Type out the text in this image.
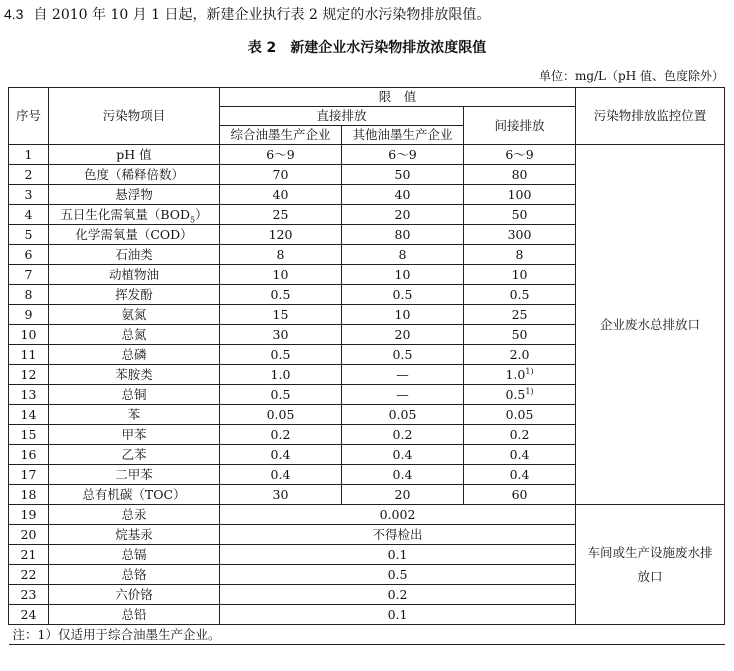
4.3 自 2010 年 10 月 1 日起，新建企业执行表 2 规定的水污染物排放限值。
表 2 新建企业水污染物排放浓度限值
单位：mg/L（pH 值、色度除外）
序号	污染物项目	限　值			污染物排放监控位置
		直接排放		间接排放	
		综合油墨生产企业	其他油墨生产企业		
1	pH 值	6～9	6～9	6～9	企业废水总排放口
2	色度（稀释倍数）	70	50	80	
3	悬浮物	40	40	100	
4	五日生化需氧量$(BOD_5)$	25	20	50	
5	化学需氧量（COD）	120	80	300	
6	石油类	8	8	8	
7	动植物油	10	10	10	
8	挥发酚	0.5	0.5	0.5	
9	氨氮	15	10	25	
10	总氮	30	20	50	
11	总磷	0.5	0.5	2.0	
12	苯胺类	1.0	—	1.0$^{1)}$
13	总铜	0.5	—	0.5$^{1)}$
14	苯	0.05	0.05	0.05	
15	甲苯	0.2	0.2	0.2	
16	乙苯	0.4	0.4	0.4	
17	二甲苯	0.4	0.4	0.4	
18	总有机碳（TOC）	30	20	60	
19	总汞	0.002			车间或生产设施废水排放口
20	烷基汞	不得检出			
21	总镉	0.1			
22	总铬	0.5			
23	六价铬	0.2			
24	总铅	0.1			
注：1）仅适用于综合油墨生产企业。					
